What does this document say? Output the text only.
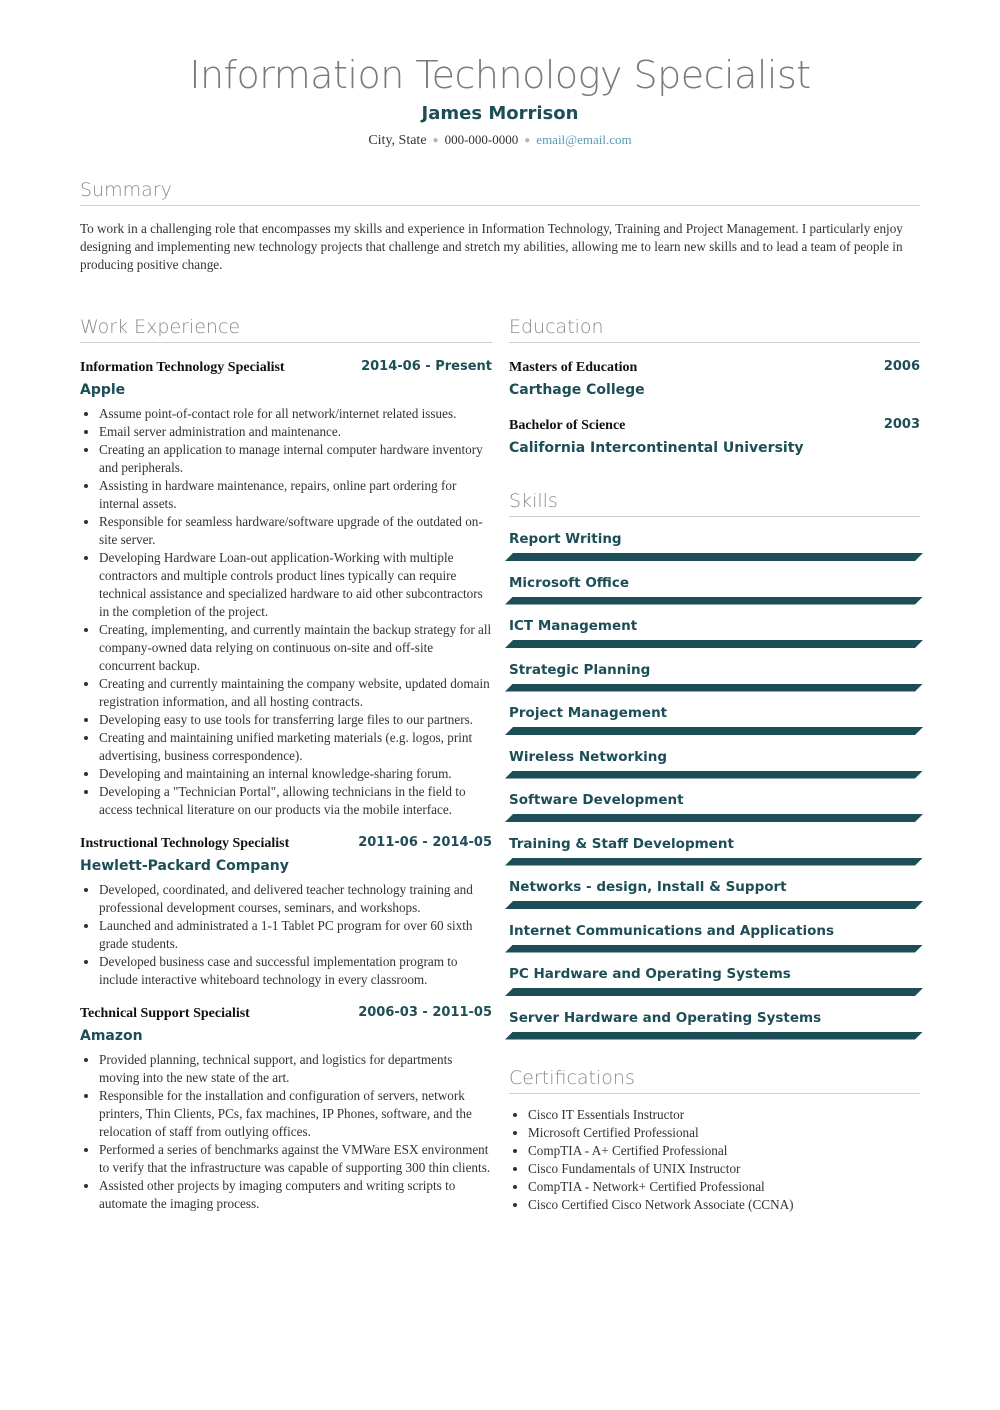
Information Technology Specialist
James Morrison
City, State ● 000-000-0000 ● email@email.com
Summary
To work in a challenging role that encompasses my skills and experience in Information Technology, Training and Project Management. I particularly enjoy designing and implementing new technology projects that challenge and stretch my abilities, allowing me to learn new skills and to lead a team of people in producing positive change.
Work Experience
Information Technology Specialist	2014-06 - Present
Apple
• Assume point-of-contact role for all network/internet related issues.
• Email server administration and maintenance.
• Creating an application to manage internal computer hardware inventory and peripherals.
• Assisting in hardware maintenance, repairs, online part ordering for internal assets.
• Responsible for seamless hardware/software upgrade of the outdated on-site server.
• Developing Hardware Loan-out application-Working with multiple contractors and multiple controls product lines typically can require technical assistance and specialized hardware to aid other subcontractors in the completion of the project.
• Creating, implementing, and currently maintain the backup strategy for all company-owned data relying on continuous on-site and off-site concurrent backup.
• Creating and currently maintaining the company website, updated domain registration information, and all hosting contracts.
• Developing easy to use tools for transferring large files to our partners.
• Creating and maintaining unified marketing materials (e.g. logos, print advertising, business correspondence).
• Developing and maintaining an internal knowledge-sharing forum.
• Developing a "Technician Portal", allowing technicians in the field to access technical literature on our products via the mobile interface.
Instructional Technology Specialist	2011-06 - 2014-05
Hewlett-Packard Company
• Developed, coordinated, and delivered teacher technology training and professional development courses, seminars, and workshops.
• Launched and administrated a 1-1 Tablet PC program for over 60 sixth grade students.
• Developed business case and successful implementation program to include interactive whiteboard technology in every classroom.
Technical Support Specialist	2006-03 - 2011-05
Amazon
• Provided planning, technical support, and logistics for departments moving into the new state of the art.
• Responsible for the installation and configuration of servers, network printers, Thin Clients, PCs, fax machines, IP Phones, software, and the relocation of staff from outlying offices.
• Performed a series of benchmarks against the VMWare ESX environment to verify that the infrastructure was capable of supporting 300 thin clients.
• Assisted other projects by imaging computers and writing scripts to automate the imaging process.
Education
Masters of Education	2006
Carthage College
Bachelor of Science	2003
California Intercontinental University
Skills
Report Writing
Microsoft Office
ICT Management
Strategic Planning
Project Management
Wireless Networking
Software Development
Training & Staff Development
Networks - design, Install & Support
Internet Communications and Applications
PC Hardware and Operating Systems
Server Hardware and Operating Systems
Certifications
• Cisco IT Essentials Instructor
• Microsoft Certified Professional
• CompTIA - A+ Certified Professional
• Cisco Fundamentals of UNIX Instructor
• CompTIA - Network+ Certified Professional
• Cisco Certified Cisco Network Associate (CCNA)
